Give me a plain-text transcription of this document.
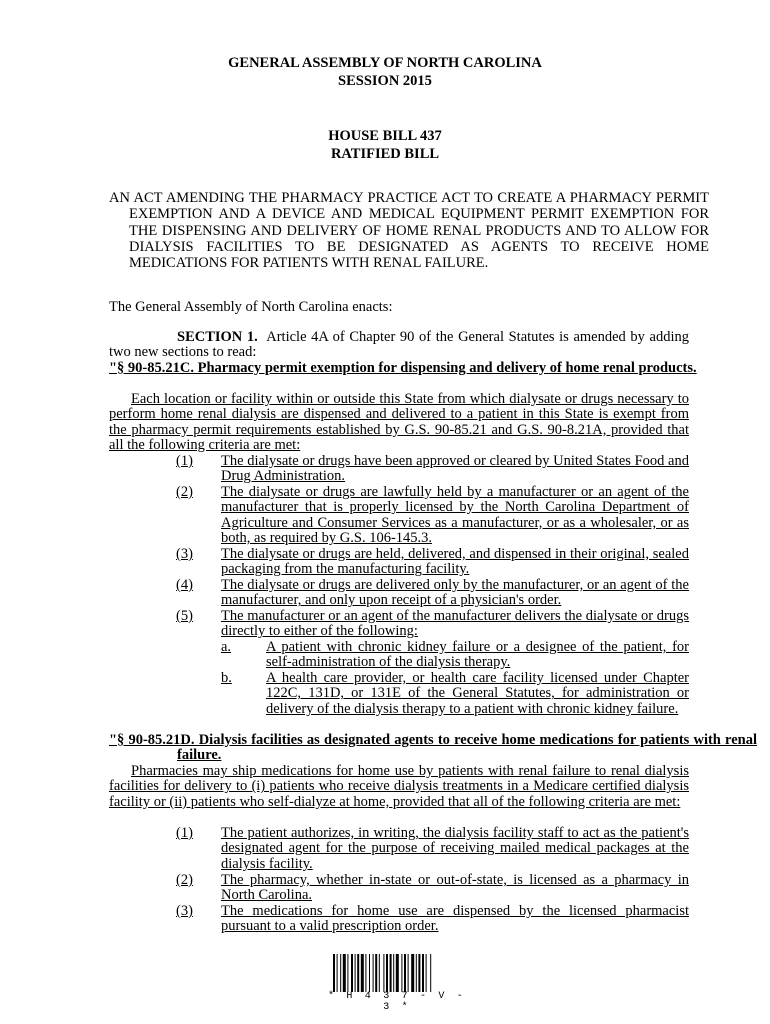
GENERAL ASSEMBLY OF NORTH CAROLINA
SESSION 2015
HOUSE BILL 437
RATIFIED BILL
AN ACT AMENDING THE PHARMACY PRACTICE ACT TO CREATE A PHARMACY PERMIT EXEMPTION AND A DEVICE AND MEDICAL EQUIPMENT PERMIT EXEMPTION FOR THE DISPENSING AND DELIVERY OF HOME RENAL PRODUCTS AND TO ALLOW FOR DIALYSIS FACILITIES TO BE DESIGNATED AS AGENTS TO RECEIVE HOME MEDICATIONS FOR PATIENTS WITH RENAL FAILURE.
The General Assembly of North Carolina enacts:
SECTION 1. Article 4A of Chapter 90 of the General Statutes is amended by adding two new sections to read:
"§ 90-85.21C. Pharmacy permit exemption for dispensing and delivery of home renal products.
Each location or facility within or outside this State from which dialysate or drugs necessary to perform home renal dialysis are dispensed and delivered to a patient in this State is exempt from the pharmacy permit requirements established by G.S. 90-85.21 and G.S. 90-8.21A, provided that all the following criteria are met:
(1) The dialysate or drugs have been approved or cleared by United States Food and Drug Administration.
(2) The dialysate or drugs are lawfully held by a manufacturer or an agent of the manufacturer that is properly licensed by the North Carolina Department of Agriculture and Consumer Services as a manufacturer, or as a wholesaler, or as both, as required by G.S. 106-145.3.
(3) The dialysate or drugs are held, delivered, and dispensed in their original, sealed packaging from the manufacturing facility.
(4) The dialysate or drugs are delivered only by the manufacturer, or an agent of the manufacturer, and only upon receipt of a physician's order.
(5) The manufacturer or an agent of the manufacturer delivers the dialysate or drugs directly to either of the following:
a. A patient with chronic kidney failure or a designee of the patient, for self-administration of the dialysis therapy.
b. A health care provider, or health care facility licensed under Chapter 122C, 131D, or 131E of the General Statutes, for administration or delivery of the dialysis therapy to a patient with chronic kidney failure.
"§ 90-85.21D. Dialysis facilities as designated agents to receive home medications for patients with renal failure.
Pharmacies may ship medications for home use by patients with renal failure to renal dialysis facilities for delivery to (i) patients who receive dialysis treatments in a Medicare certified dialysis facility or (ii) patients who self-dialyze at home, provided that all of the following criteria are met:
(1) The patient authorizes, in writing, the dialysis facility staff to act as the patient's designated agent for the purpose of receiving mailed medical packages at the dialysis facility.
(2) The pharmacy, whether in-state or out-of-state, is licensed as a pharmacy in North Carolina.
(3) The medications for home use are dispensed by the licensed pharmacist pursuant to a valid prescription order.
* H 4 3 7 - V - 3 *
